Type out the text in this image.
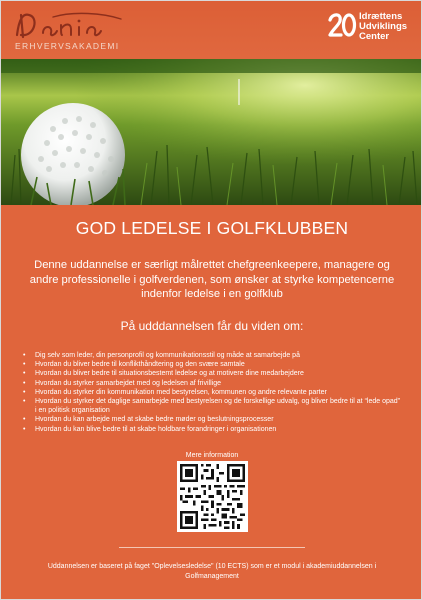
ERHVERVSAKADEMI
Idrættens
Udviklings
Center
GOD LEDELSE I GOLFKLUBBEN
Denne uddannelse er særligt målrettet chefgreenkeepere, managere og andre professionelle i golfverdenen, som ønsker at styrke kompetencerne indenfor ledelse i en golfklub
På udddannelsen får du viden om:
• Dig selv som leder, din personprofil og kommunikationsstil og måde at samarbejde på
• Hvordan du bliver bedre til konflikthåndtering og den svære samtale
• Hvordan du bliver bedre til situationsbestemt ledelse og at motivere dine medarbejdere
• Hvordan du styrker samarbejdet med og ledelsen af frivillige
• Hvordan du styrker din kommunikation med bestyrelsen, kommunen og andre relevante parter
• Hvordan du styrker det daglige samarbejde med bestyrelsen og de forskellige udvalg, og bliver bedre til at “lede opad” i en politisk organisation
• Hvordan du kan arbejde med at skabe bedre møder og beslutningsprocesser
• Hvordan du kan blive bedre til at skabe holdbare forandringer i organisationen
Mere information
Uddannelsen er baseret på faget "Oplevelsesledelse" (10 ECTS) som er et modul i akademiuddannelsen i Golfmanagement
